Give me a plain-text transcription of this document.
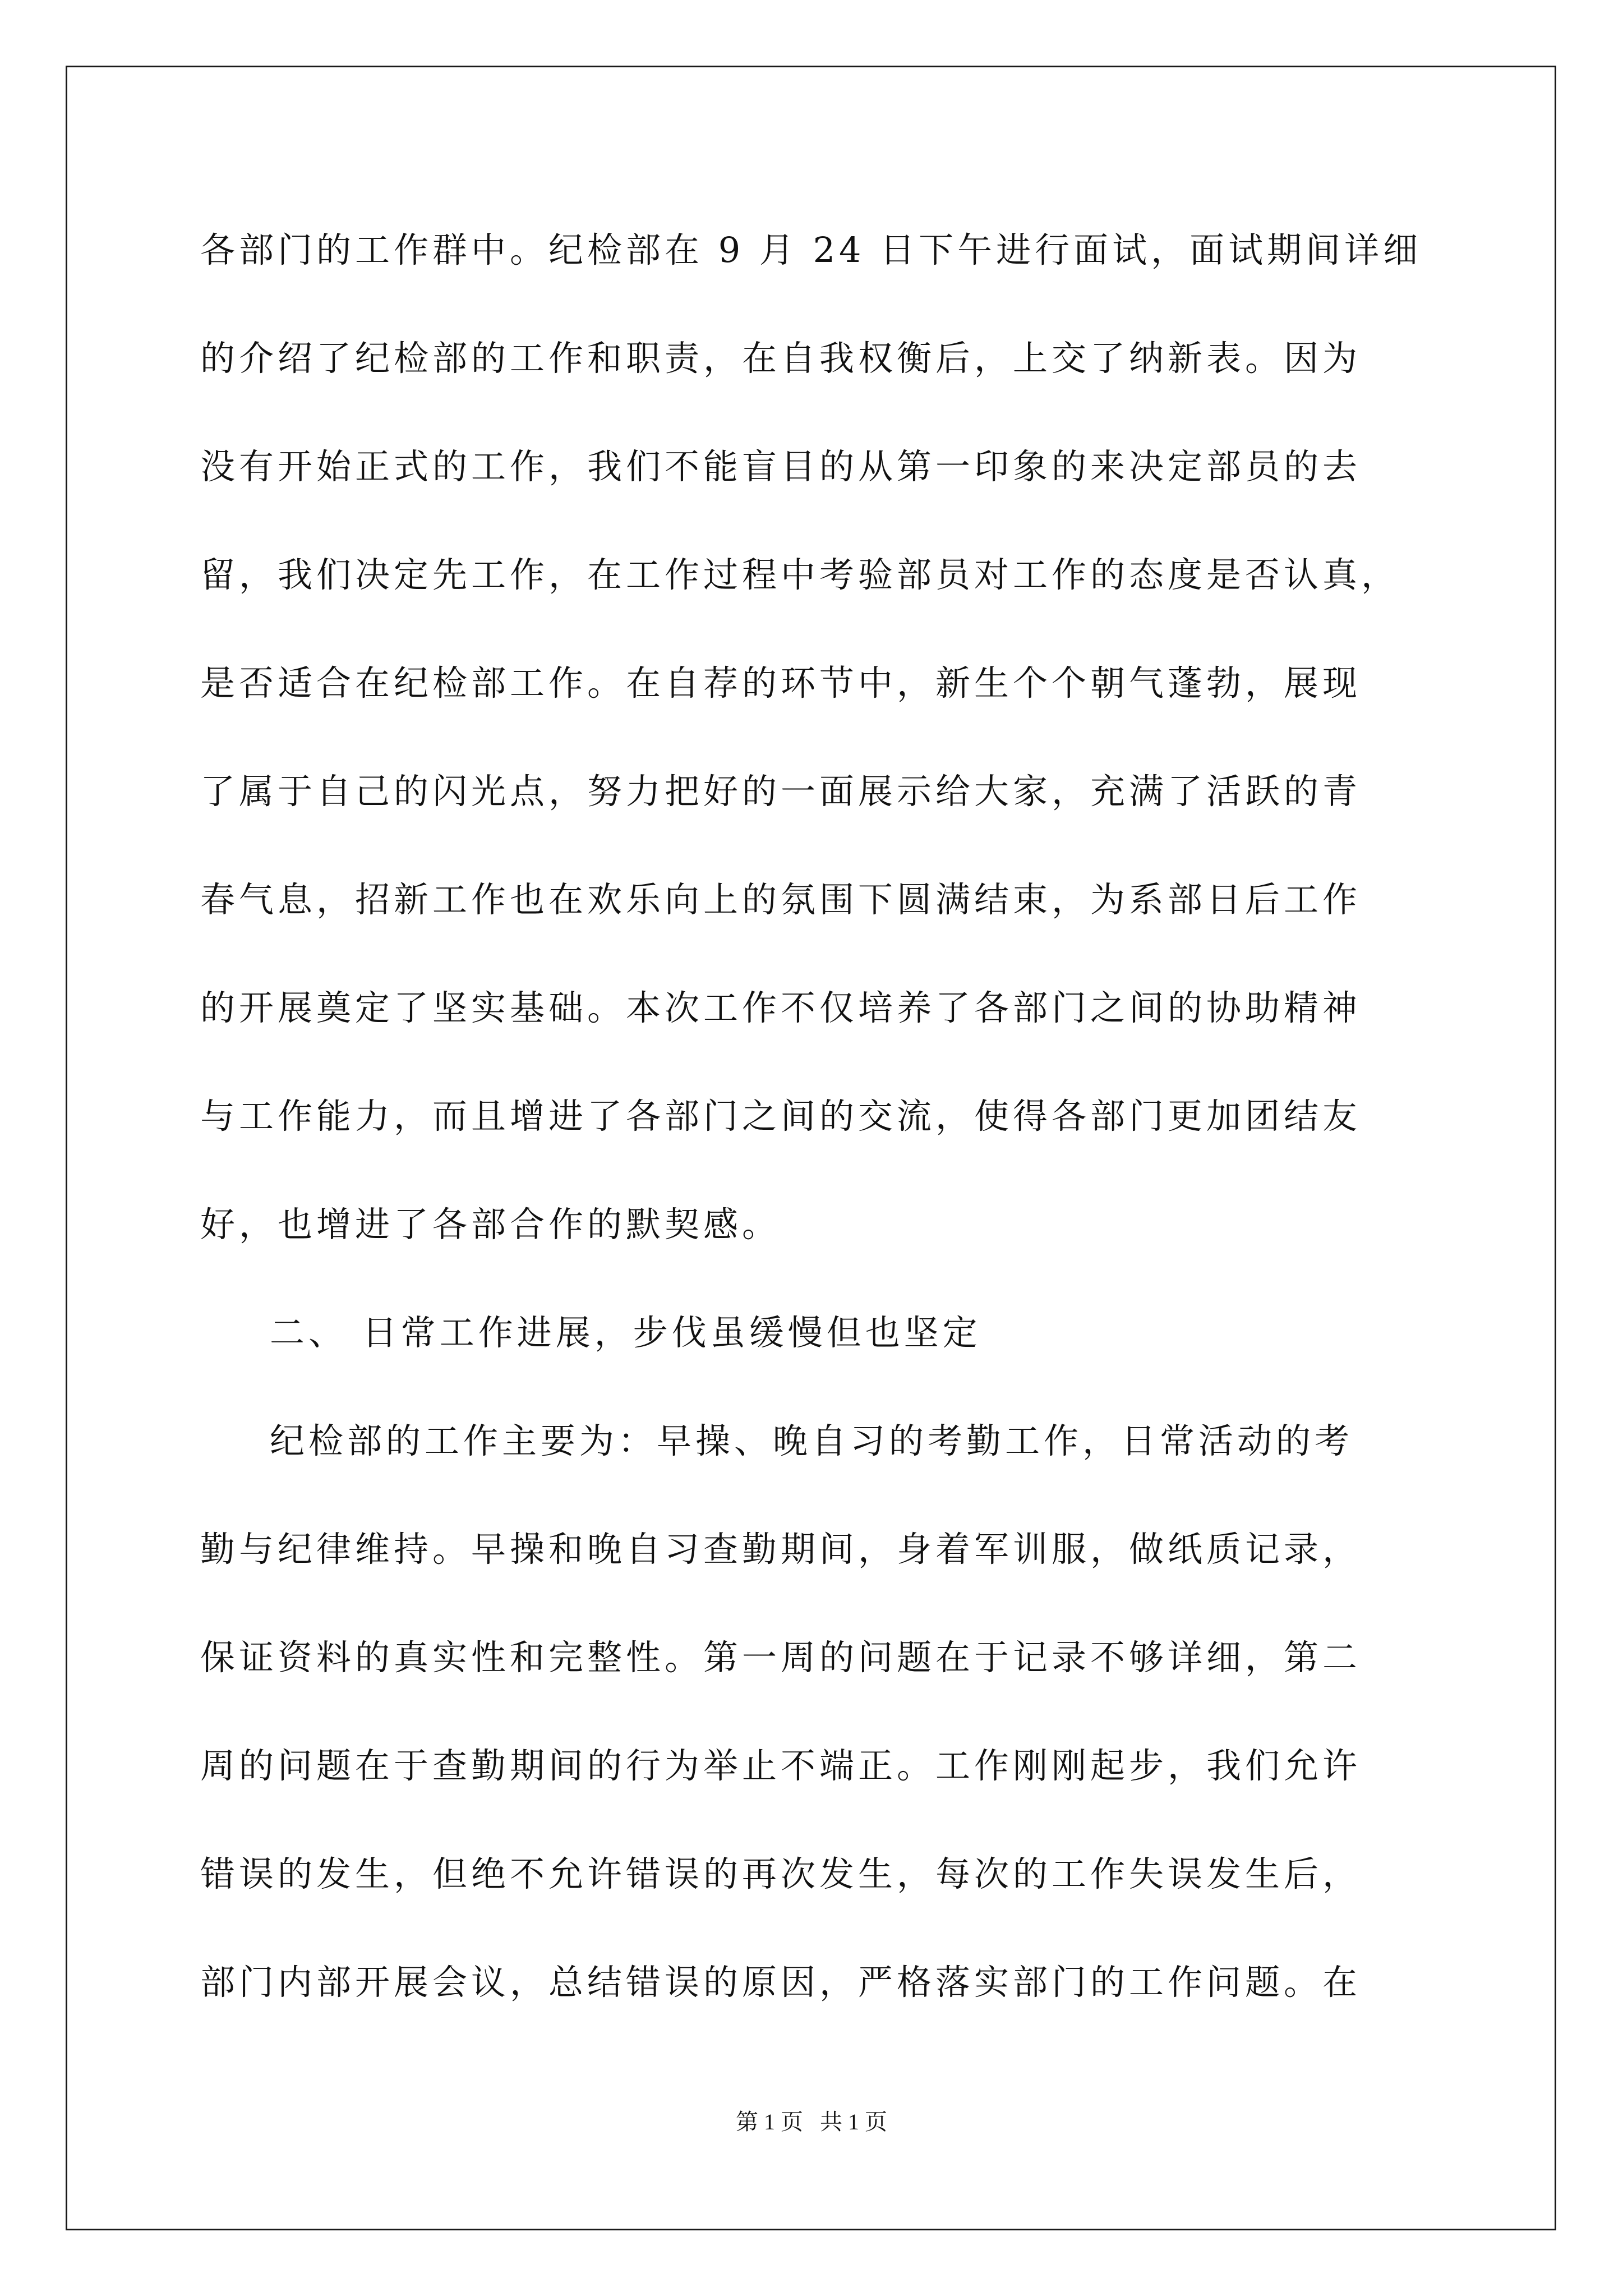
各部门的工作群中。纪检部在 9 月 24 日下午进行面试，面试期间详细
的介绍了纪检部的工作和职责，在自我权衡后，上交了纳新表。因为
没有开始正式的工作，我们不能盲目的从第一印象的来决定部员的去
留，我们决定先工作，在工作过程中考验部员对工作的态度是否认真，
是否适合在纪检部工作。在自荐的环节中，新生个个朝气蓬勃，展现
了属于自己的闪光点，努力把好的一面展示给大家，充满了活跃的青
春气息，招新工作也在欢乐向上的氛围下圆满结束，为系部日后工作
的开展奠定了坚实基础。本次工作不仅培养了各部门之间的协助精神
与工作能力，而且增进了各部门之间的交流，使得各部门更加团结友
好，也增进了各部合作的默契感。
二、 日常工作进展，步伐虽缓慢但也坚定
纪检部的工作主要为：早操、晚自习的考勤工作，日常活动的考
勤与纪律维持。早操和晚自习查勤期间，身着军训服，做纸质记录，
保证资料的真实性和完整性。第一周的问题在于记录不够详细，第二
周的问题在于查勤期间的行为举止不端正。工作刚刚起步，我们允许
错误的发生，但绝不允许错误的再次发生，每次的工作失误发生后，
部门内部开展会议，总结错误的原因，严格落实部门的工作问题。在
第 1 页   共 1 页
